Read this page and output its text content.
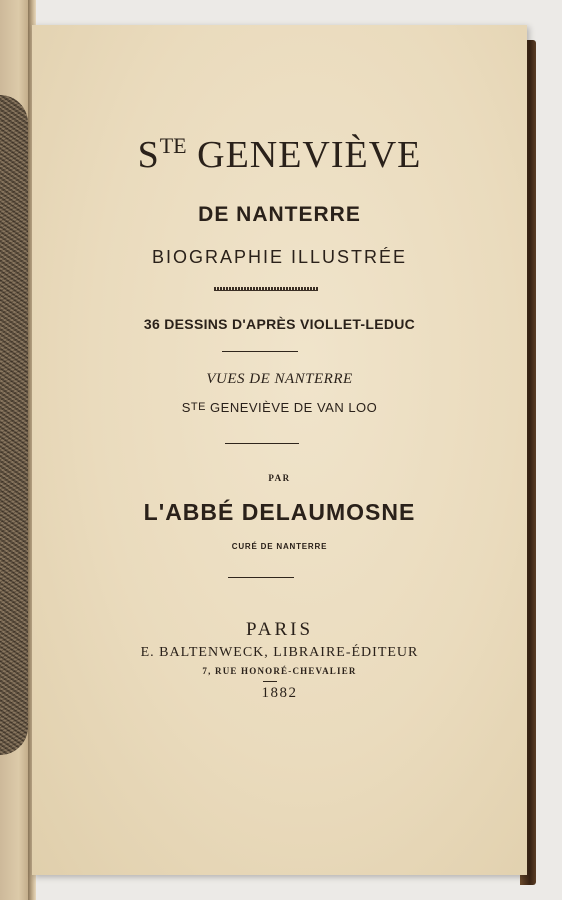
$S^{TE}$ GENEVIÈVE
DE NANTERRE
BIOGRAPHIE ILLUSTRÉE
36 DESSINS D'APRÈS VIOLLET-LEDUC
VUES DE NANTERRE
STE GENEVIÈVE DE VAN LOO
PAR
L'ABBÉ DELAUMOSNE
CURÉ DE NANTERRE
PARIS
E. BALTENWECK, LIBRAIRE-ÉDITEUR
7, RUE HONORÉ-CHEVALIER
1882
